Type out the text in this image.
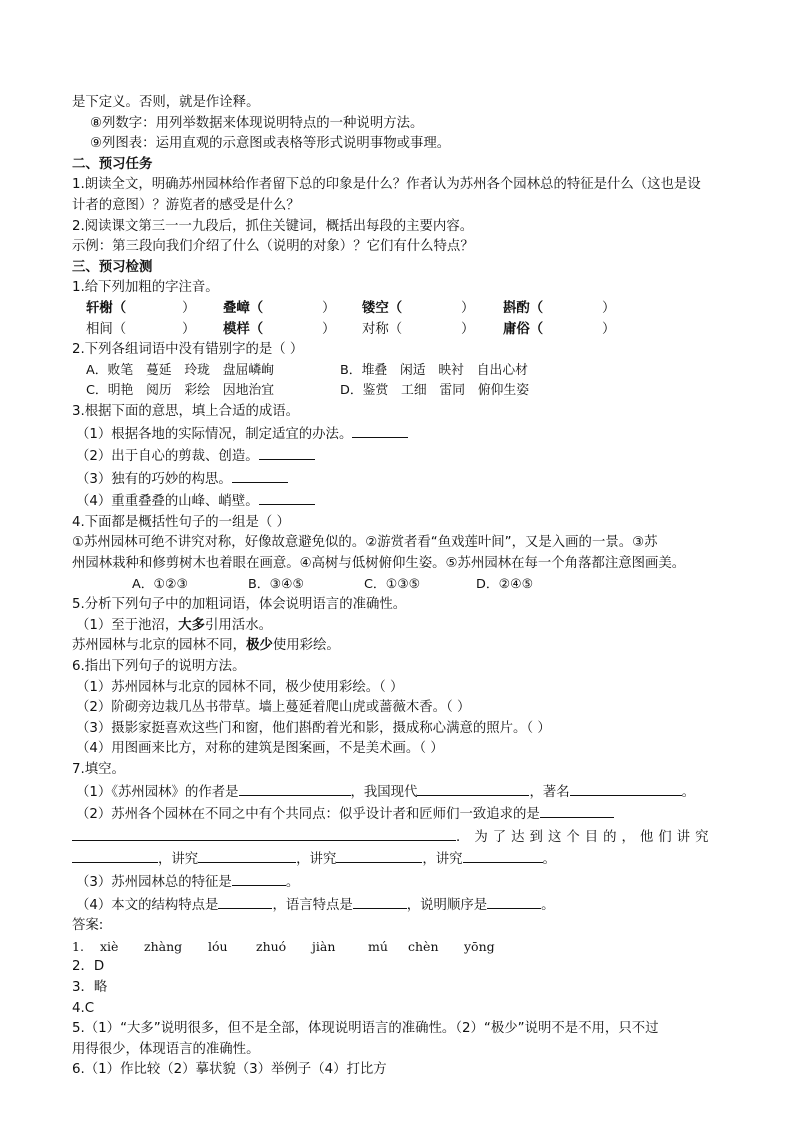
是下定义。否则，就是作诠释。
⑧列数字：用列举数据来体现说明特点的一种说明方法。
⑨列图表：运用直观的示意图或表格等形式说明事物或事理。
二、预习任务
1.朗读全文，明确苏州园林给作者留下总的印象是什么？作者认为苏州各个园林总的特征是什么（这也是设
计者的意图）？游览者的感受是什么？
2.阅读课文第三一一九段后，抓住关键词，概括出每段的主要内容。
示例：第三段向我们介绍了什么（说明的对象）？它们有什么特点？
三、预习检测
1.给下列加粗的字注音。
轩榭（	） 叠嶂（	） 镂空（	） 斟酌（	）
相间（	） 模样（	） 对称（	） 庸俗（	）
2.下列各组词语中没有错别字的是（ ）
A．败笔　蔓延　玲珑　盘屈嶙峋	B．堆叠　闲适　映衬　自出心材
C．明艳　阅历　彩绘　因地治宜	D．鉴赏　工细　雷同　俯仰生姿
3.根据下面的意思，填上合适的成语。
（1）根据各地的实际情况，制定适宜的办法。
（2）出于自心的剪裁、创造。
（3）独有的巧妙的构思。
（4）重重叠叠的山峰、峭壁。
4.下面都是概括性句子的一组是（ ）
①苏州园林可绝不讲究对称，好像故意避免似的。②游赏者看“鱼戏莲叶间”，又是入画的一景。③苏
州园林栽种和修剪树木也着眼在画意。④高树与低树俯仰生姿。⑤苏州园林在每一个角落都注意图画美。
A．①②③	B．③④⑤	C．①③⑤	D．②④⑤
5.分析下列句子中的加粗词语，体会说明语言的准确性。
（1）至于池沼，大多引用活水。
苏州园林与北京的园林不同，极少使用彩绘。
6.指出下列句子的说明方法。
（1）苏州园林与北京的园林不同，极少使用彩绘。（ ）
（2）阶砌旁边栽几丛书带草。墙上蔓延着爬山虎或蔷薇木香。（ ）
（3）摄影家挺喜欢这些门和窗，他们斟酌着光和影，摄成称心满意的照片。（ ）
（4）用图画来比方，对称的建筑是图案画，不是美术画。（ ）
7.填空。
（1）《苏州园林》的作者是	，我国现代	，著名	。
（2）苏州各个园林在不同之中有个共同点：似乎设计者和匠师们一致追求的是
．为了达到这个目的，他们讲究
，讲究	，讲究	，讲究	。
（3）苏州园林总的特征是	。
（4）本文的结构特点是	，语言特点是	，说明顺序是	。
答案:
1. xiè zhàng lóu zhuó jiàn	mú chèn yōng
2．D
3．略
4.C
5.（1）“大多”说明很多，但不是全部，体现说明语言的准确性。（2）“极少”说明不是不用，只不过
用得很少，体现语言的准确性。
6.（1）作比较（2）摹状貌（3）举例子（4）打比方
